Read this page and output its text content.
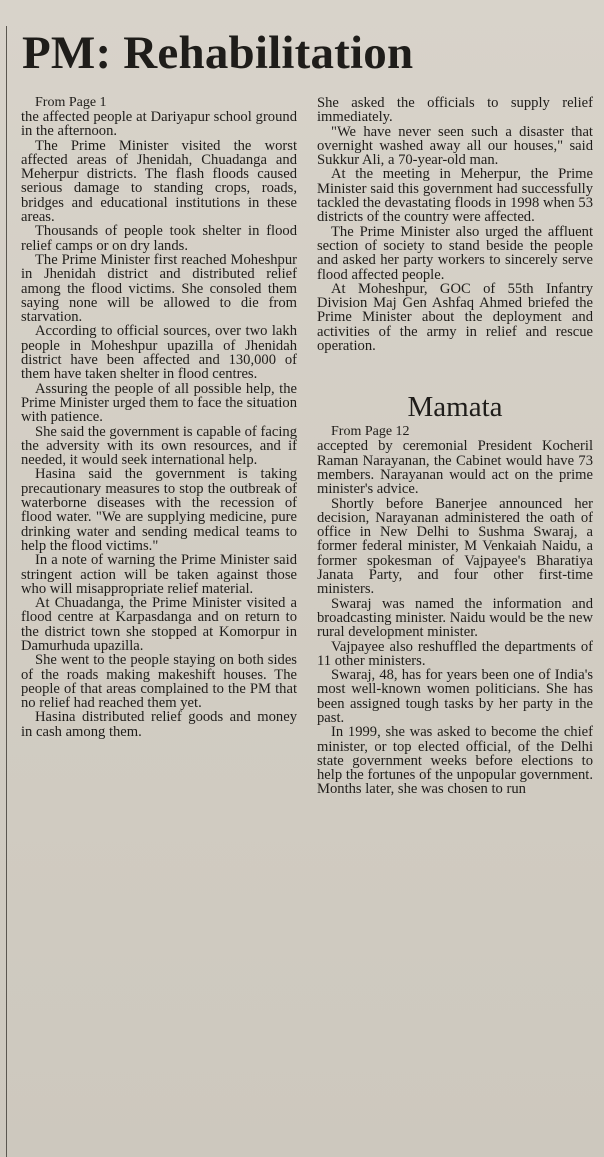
PM: Rehabilitation

From Page 1

the affected people at Dariyapur school ground in the afternoon.

The Prime Minister visited the worst affected areas of Jhenidah, Chuadanga and Meherpur districts. The flash floods caused serious damage to standing crops, roads, bridges and educational institutions in these areas.

Thousands of people took shelter in flood relief camps or on dry lands.

The Prime Minister first reached Moheshpur in Jhenidah district and distributed relief among the flood victims. She consoled them saying none will be allowed to die from starvation.

According to official sources, over two lakh people in Moheshpur upazilla of Jhenidah district have been affected and 130,000 of them have taken shelter in flood centres.

Assuring the people of all possible help, the Prime Minister urged them to face the situation with patience.

She said the government is capable of facing the adversity with its own resources, and if needed, it would seek international help.

Hasina said the government is taking precautionary measures to stop the outbreak of waterborne diseases with the recession of flood water. "We are supplying medicine, pure drinking water and sending medical teams to help the flood victims."

In a note of warning the Prime Minister said stringent action will be taken against those who will misappropriate relief material.

At Chuadanga, the Prime Minister visited a flood centre at Karpasdanga and on return to the district town she stopped at Komorpur in Damurhuda upazilla.

She went to the people staying on both sides of the roads making makeshift houses. The people of that areas complained to the PM that no relief had reached them yet.

Hasina distributed relief goods and money in cash among them.

She asked the officials to supply relief immediately.

"We have never seen such a disaster that overnight washed away all our houses," said Sukkur Ali, a 70-year-old man.

At the meeting in Meherpur, the Prime Minister said this government had successfully tackled the devastating floods in 1998 when 53 districts of the country were affected.

The Prime Minister also urged the affluent section of society to stand beside the people and asked her party workers to sincerely serve flood affected people.

At Moheshpur, GOC of 55th Infantry Division Maj Gen Ashfaq Ahmed briefed the Prime Minister about the deployment and activities of the army in relief and rescue operation.

Mamata

From Page 12

accepted by ceremonial President Kocheril Raman Narayanan, the Cabinet would have 73 members. Narayanan would act on the prime minister's advice.

Shortly before Banerjee announced her decision, Narayanan administered the oath of office in New Delhi to Sushma Swaraj, a former federal minister, M Venkaiah Naidu, a former spokesman of Vajpayee's Bharatiya Janata Party, and four other first-time ministers.

Swaraj was named the information and broadcasting minister. Naidu would be the new rural development minister.

Vajpayee also reshuffled the departments of 11 other ministers.

Swaraj, 48, has for years been one of India's most well-known women politicians. She has been assigned tough tasks by her party in the past.

In 1999, she was asked to become the chief minister, or top elected official, of the Delhi state government weeks before elections to help the fortunes of the unpopular government. Months later, she was chosen to run
